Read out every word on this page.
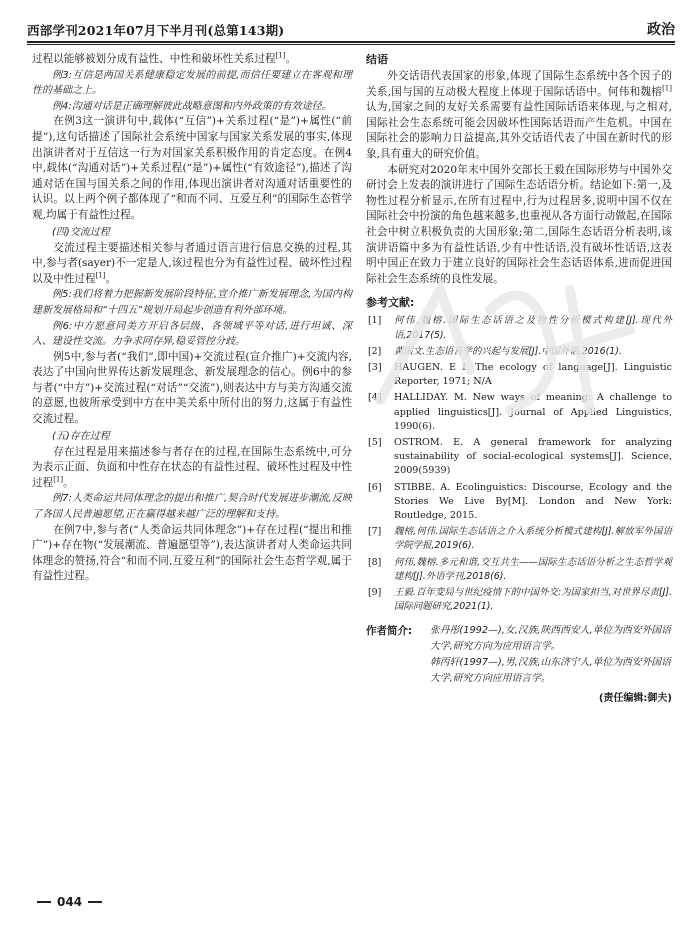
西部学刊2021年07月下半月刊(总第143期)	政治

过程以能够被划分成有益性、中性和破坏性关系过程[1]。

例3:互信是两国关系健康稳定发展的前提,而信任要建立在客观和理性的基础之上。

例4:沟通对话是正确理解彼此战略意图和内外政策的有效途径。

在例3这一演讲句中,载体(“互信”)+关系过程(“是”)+属性(“前提”),这句话描述了国际社会系统中国家与国家关系发展的事实,体现出演讲者对于互信这一行为对国家关系积极作用的肯定态度。在例4中,载体(“沟通对话”)+关系过程(“是”)+属性(“有效途径”),描述了沟通对话在国与国关系之间的作用,体现出演讲者对沟通对话重要性的认识。以上两个例子都体现了“和而不同、互爱互利”的国际生态哲学观,均属于有益性过程。

(四)交流过程

交流过程主要描述相关参与者通过语言进行信息交换的过程,其中,参与者(sayer)不一定是人,该过程也分为有益性过程、破坏性过程以及中性过程[1]。

例5:我们将着力把握新发展阶段特征,宣介推广新发展理念,为国内构建新发展格局和“十四五”规划开局起步创造有利外部环境。

例6:中方愿意同美方开启各层级、各领域平等对话,进行坦诚、深入、建设性交流。力争求同存异,稳妥管控分歧。

例5中,参与者(“我们”,即中国)+交流过程(宣介推广)+交流内容,表达了中国向世界传达新发展理念、新发展理念的信心。例6中的参与者(“中方”)+交流过程(“对话”“交流”),则表达中方与美方沟通交流的意愿,也彼所承受到中方在中美关系中所付出的努力,这属于有益性交流过程。

(五)存在过程

存在过程是用来描述参与者存在的过程,在国际生态系统中,可分为表示正面、负面和中性存在状态的有益性过程、破坏性过程及中性过程[1]。

例7:人类命运共同体理念的提出和推广,契合时代发展进步潮流,反映了各国人民普遍愿望,正在赢得越来越广泛的理解和支持。

在例7中,参与者(“人类命运共同体理念”)+存在过程(“提出和推广”)+存在物(“发展潮流、普遍愿望等”),表达演讲者对人类命运共同体理念的赞扬,符合“和而不同,互爱互利”的国际社会生态哲学观,属于有益性过程。

结语

外交话语代表国家的形象,体现了国际生态系统中各个因子的关系,国与国的互动极大程度上体现于国际话语中。何伟和魏榕[1]认为,国家之间的友好关系需要有益性国际话语来体现,与之相对,国际社会生态系统可能会因破坏性国际话语而产生危机。中国在国际社会的影响力日益提高,其外交话语代表了中国在新时代的形象,具有重大的研究价值。

本研究对2020年末中国外交部长王毅在国际形势与中国外交研讨会上发表的演讲进行了国际生态话语分析。结论如下:第一,及物性过程分析显示,在所有过程中,行为过程居多,说明中国不仅在国际社会中扮演的角色越来越多,也重视从各方面行动做起,在国际社会中树立积极负责的大国形象;第二,国际生态话语分析表明,该演讲语篇中多为有益性话语,少有中性话语,没有破坏性话语,这表明中国正在致力于建立良好的国际社会生态话语体系,进而促进国际社会生态系统的良性发展。

参考文献:
[1] 何伟,魏榕.国际生态话语之及物性分析模式构建[J].现代外语,2017(5).
[2] 黄国文.生态语言学的兴起与发展[J].中国外语,2016(1).
[3] HAUGEN. E I. The ecology of language[J]. Linguistic Reporter, 1971; N/A
[4] HALLIDAY. M. New ways of meaning: A challenge to applied linguistics[J]. Journal of Applied Linguistics, 1990(6).
[5] OSTROM. E. A general framework for analyzing sustainability of social-ecological systems[J]. Science, 2009(5939)
[6] STIBBE. A. Ecolinguistics: Discourse, Ecology and the Stories We Live By[M]. London and New York: Routledge, 2015.
[7] 魏榕,何伟.国际生态话语之介入系统分析模式建构[J].解放军外国语学院学报,2019(6).
[8] 何伟,魏榕.多元和谐,交互共生——国际生态话语分析之生态哲学观建构[J].外语学刊,2018(6).
[9] 王毅.百年变局与世纪疫情下的中国外交:为国家担当,对世界尽责[J].国际问题研究,2021(1).
作者简介: 张丹彤(1992—),女,汉族,陕西西安人,单位为西安外国语大学,研究方向为应用语言学。
韩丙轩(1997—),男,汉族,山东济宁人,单位为西安外国语大学,研究方向应用语言学。
(责任编辑:御夫)
044
